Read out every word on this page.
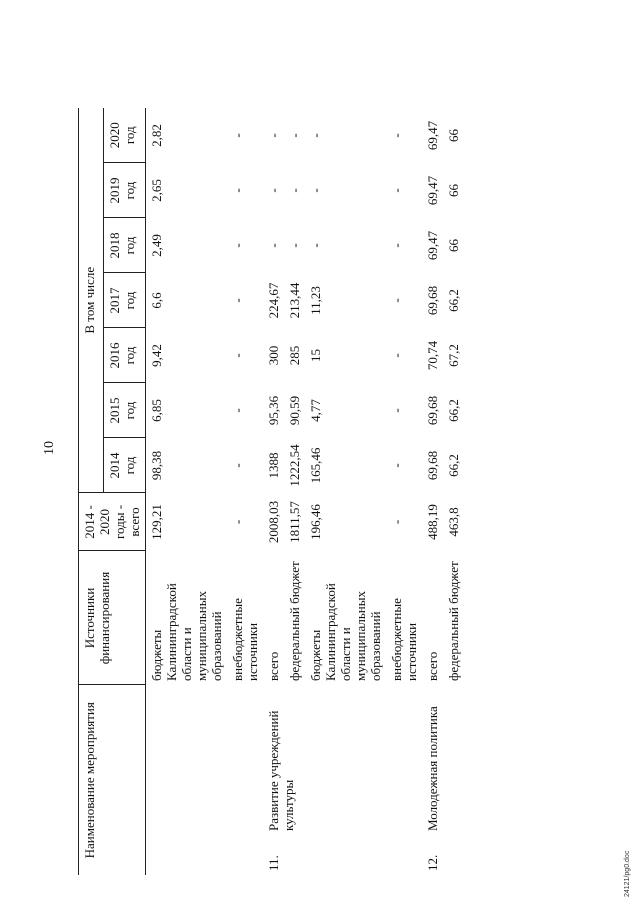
10
Наименование мероприятия		Источники финансирования	2014 - 2020 годы - всего	В том числе						
				2014 год	2015 год	2016 год	2017 год	2018 год	2019 год	2020 год
		бюджеты Калининградской области и муниципальных образований	129,21	98,38	6,85	9,42	6,6	2,49	2,65	2,82
		внебюджетные источники	-	-	-	-	-	-	-	-
11.	Развитие учреждений культуры	всего	2008,03	1388	95,36	300	224,67	-	-	-
		федеральный бюджет	1811,57	1222,54	90,59	285	213,44	-	-	-
		бюджеты Калининградской области и муниципальных образований	196,46	165,46	4,77	15	11,23	-	-	-
		внебюджетные источники	-	-	-	-	-	-	-	-
12.	Молодежная политика	всего	488,19	69,68	69,68	70,74	69,68	69,47	69,47	69,47
		федеральный бюджет	463,8	66,2	66,2	67,2	66,2	66	66	66
24121/pg0.doc
